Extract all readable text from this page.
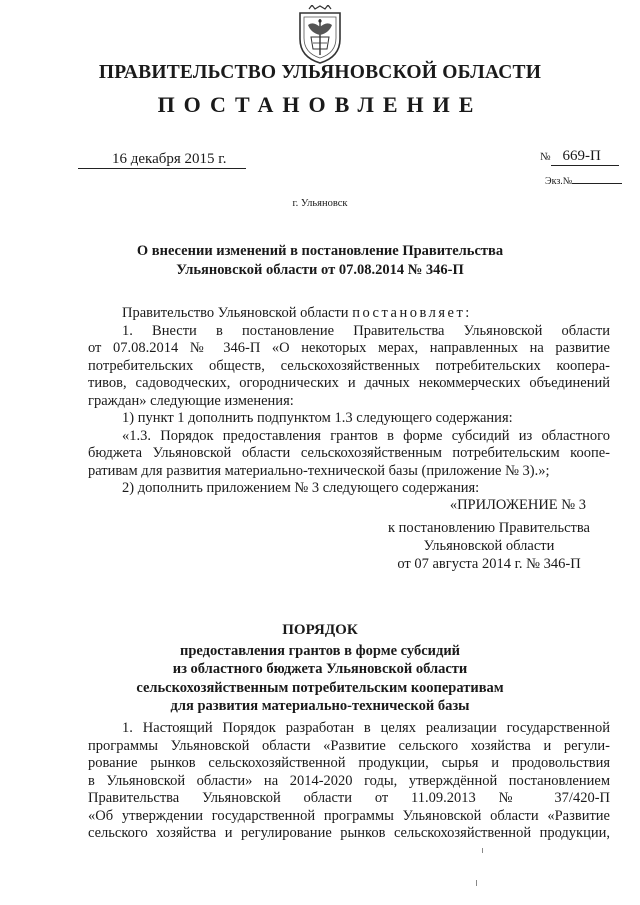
ПРАВИТЕЛЬСТВО УЛЬЯНОВСКОЙ ОБЛАСТИ
ПОСТАНОВЛЕНИЕ
16 декабря 2015 г.	№ 669-П
Экз.№
г. Ульяновск
О внесении изменений в постановление Правительства
Ульяновской области от 07.08.2014 № 346-П

Правительство Ульяновской области постановляет:

1. Внести в постановление Правительства Ульяновской области

от 07.08.2014 № 346-П «О некоторых мерах, направленных на развитие

потребительских обществ, сельскохозяйственных потребительских коопера-

тивов, садоводческих, огороднических и дачных некоммерческих объединений

граждан» следующие изменения:

1) пункт 1 дополнить подпунктом 1.3 следующего содержания:

«1.3. Порядок предоставления грантов в форме субсидий из областного

бюджета Ульяновской области сельскохозяйственным потребительским коопе-

ративам для развития материально-технической базы (приложение № 3).»;

2) дополнить приложением № 3 следующего содержания:

«ПРИЛОЖЕНИЕ № 3
к постановлению Правительства
Ульяновской области
от 07 августа 2014 г. № 346-П
ПОРЯДОК
предоставления грантов в форме субсидий
из областного бюджета Ульяновской области
сельскохозяйственным потребительским кооперативам
для развития материально-технической базы

1. Настоящий Порядок разработан в целях реализации государственной

программы Ульяновской области «Развитие сельского хозяйства и регули-

рование рынков сельскохозяйственной продукции, сырья и продовольствия

в Ульяновской области» на 2014-2020 годы, утверждённой постановлением

Правительства Ульяновской области от 11.09.2013 № 37/420-П

«Об утверждении государственной программы Ульяновской области «Развитие

сельского хозяйства и регулирование рынков сельскохозяйственной продукции,
